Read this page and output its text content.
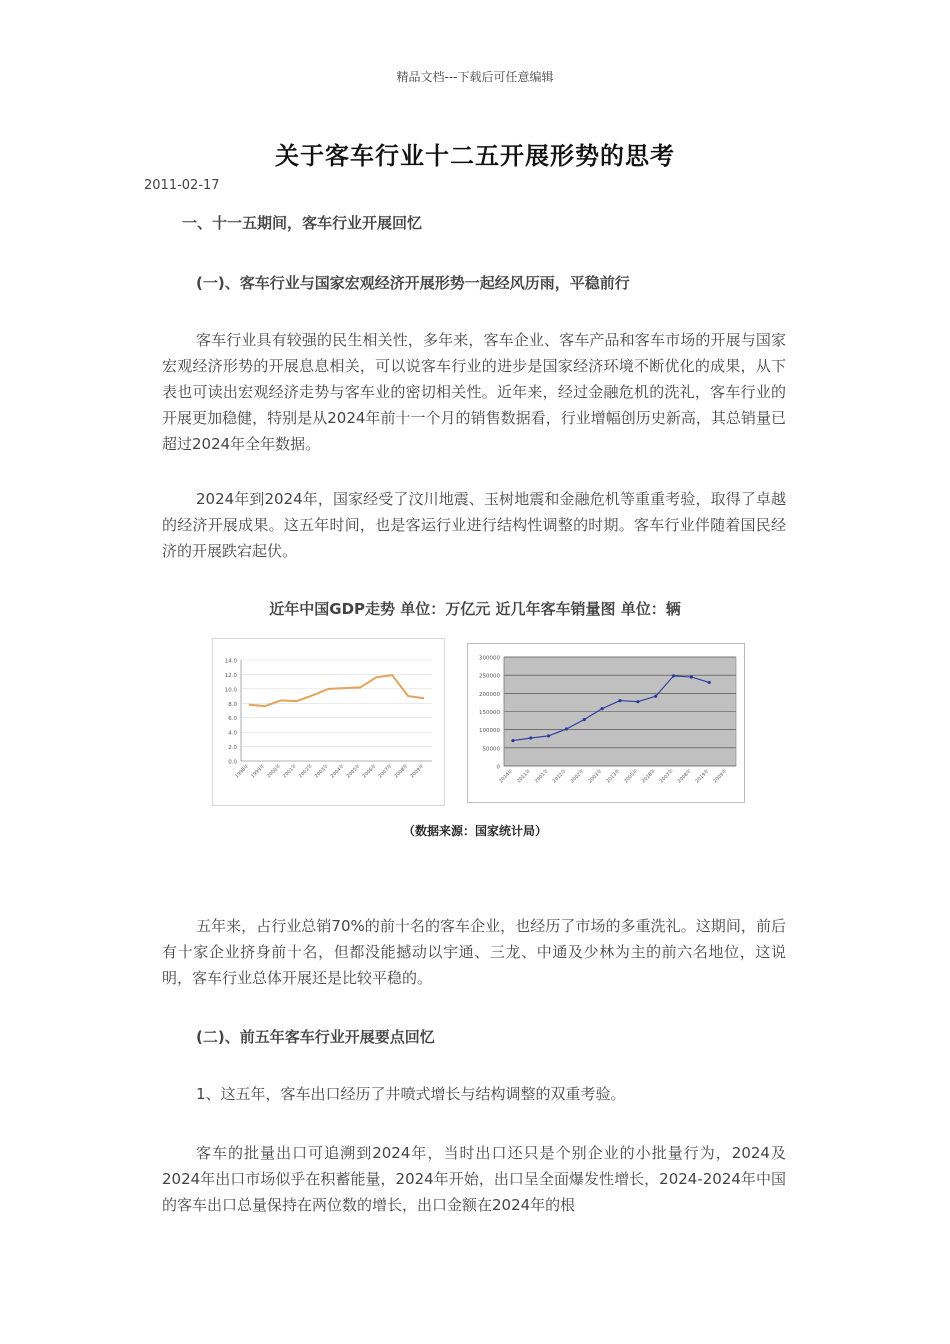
精品文档---下载后可任意编辑
关于客车行业十二五开展形势的思考
2011-02-17
一、十一五期间，客车行业开展回忆
(一)、客车行业与国家宏观经济开展形势一起经风历雨，平稳前行
客车行业具有较强的民生相关性，多年来，客车企业、客车产品和客车市场的开展与国家宏观经济形势的开展息息相关，可以说客车行业的进步是国家经济环境不断优化的成果，从下表也可读出宏观经济走势与客车业的密切相关性。近年来，经过金融危机的洗礼，客车行业的开展更加稳健，特别是从2024年前十一个月的销售数据看，行业增幅创历史新高，其总销量已超过2024年全年数据。
2024年到2024年，国家经受了汶川地震、玉树地震和金融危机等重重考验，取得了卓越的经济开展成果。这五年时间，也是客运行业进行结构性调整的时期。客车行业伴随着国民经济的开展跌宕起伏。
近年中国GDP走势 单位：万亿元 近几年客车销量图 单位：辆
0.0
2.0
4.0
6.0
8.0
10.0
12.0
14.0
1998年 1999年 2000年 2001年 2002年 2003年 2004年 2005年 2006年 2007年 2008年 2009年	0
50000
100000
150000
200000
250000
300000
2014年 2011年 2001年 2012年 2002年 2003年 2013年 2005年 2018年 2007年 2008年 2019年 2009年
（数据来源：国家统计局）
五年来，占行业总销70%的前十名的客车企业，也经历了市场的多重洗礼。这期间，前后有十家企业挤身前十名，但都没能撼动以宇通、三龙、中通及少林为主的前六名地位，这说明，客车行业总体开展还是比较平稳的。
(二)、前五年客车行业开展要点回忆
1、这五年，客车出口经历了井喷式增长与结构调整的双重考验。
客车的批量出口可追溯到2024年，当时出口还只是个别企业的小批量行为，2024及2024年出口市场似乎在积蓄能量，2024年开始，出口呈全面爆发性增长，2024-2024年中国的客车出口总量保持在两位数的增长，出口金额在2024年的根
